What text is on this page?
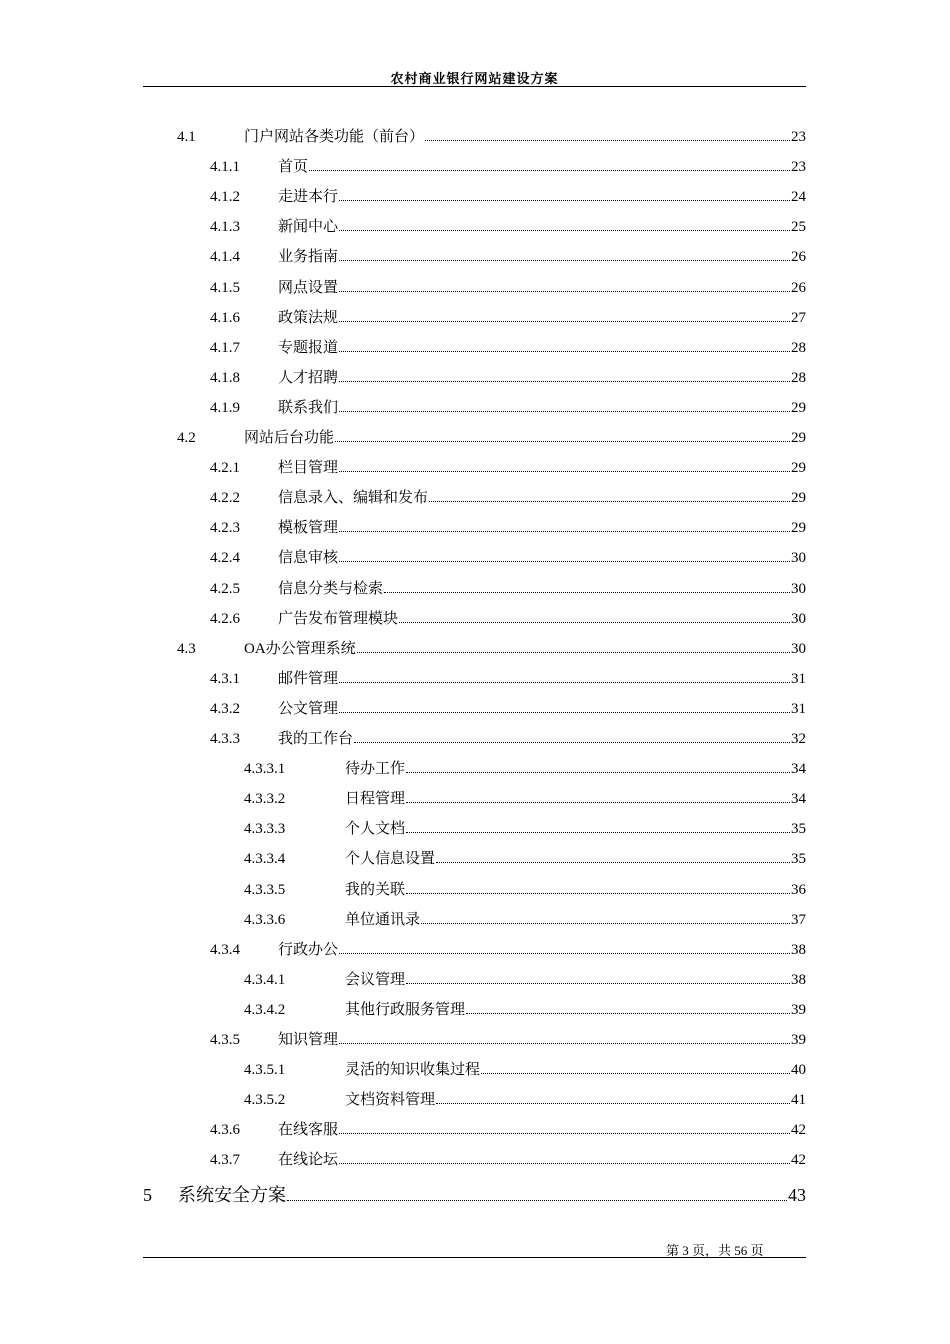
农村商业银行网站建设方案
4.1	门户网站各类功能（前台）	23
4.1.1	首页	23
4.1.2	走进本行	24
4.1.3	新闻中心	25
4.1.4	业务指南	26
4.1.5	网点设置	26
4.1.6	政策法规	27
4.1.7	专题报道	28
4.1.8	人才招聘	28
4.1.9	联系我们	29
4.2	网站后台功能	29
4.2.1	栏目管理	29
4.2.2	信息录入、编辑和发布	29
4.2.3	模板管理	29
4.2.4	信息审核	30
4.2.5	信息分类与检索	30
4.2.6	广告发布管理模块	30
4.3	OA办公管理系统	30
4.3.1	邮件管理	31
4.3.2	公文管理	31
4.3.3	我的工作台	32
4.3.3.1	待办工作	34
4.3.3.2	日程管理	34
4.3.3.3	个人文档	35
4.3.3.4	个人信息设置	35
4.3.3.5	我的关联	36
4.3.3.6	单位通讯录	37
4.3.4	行政办公	38
4.3.4.1	会议管理	38
4.3.4.2	其他行政服务管理	39
4.3.5	知识管理	39
4.3.5.1	灵活的知识收集过程	40
4.3.5.2	文档资料管理	41
4.3.6	在线客服	42
4.3.7	在线论坛	42
5	系统安全方案	43
第 3 页，共 56 页
